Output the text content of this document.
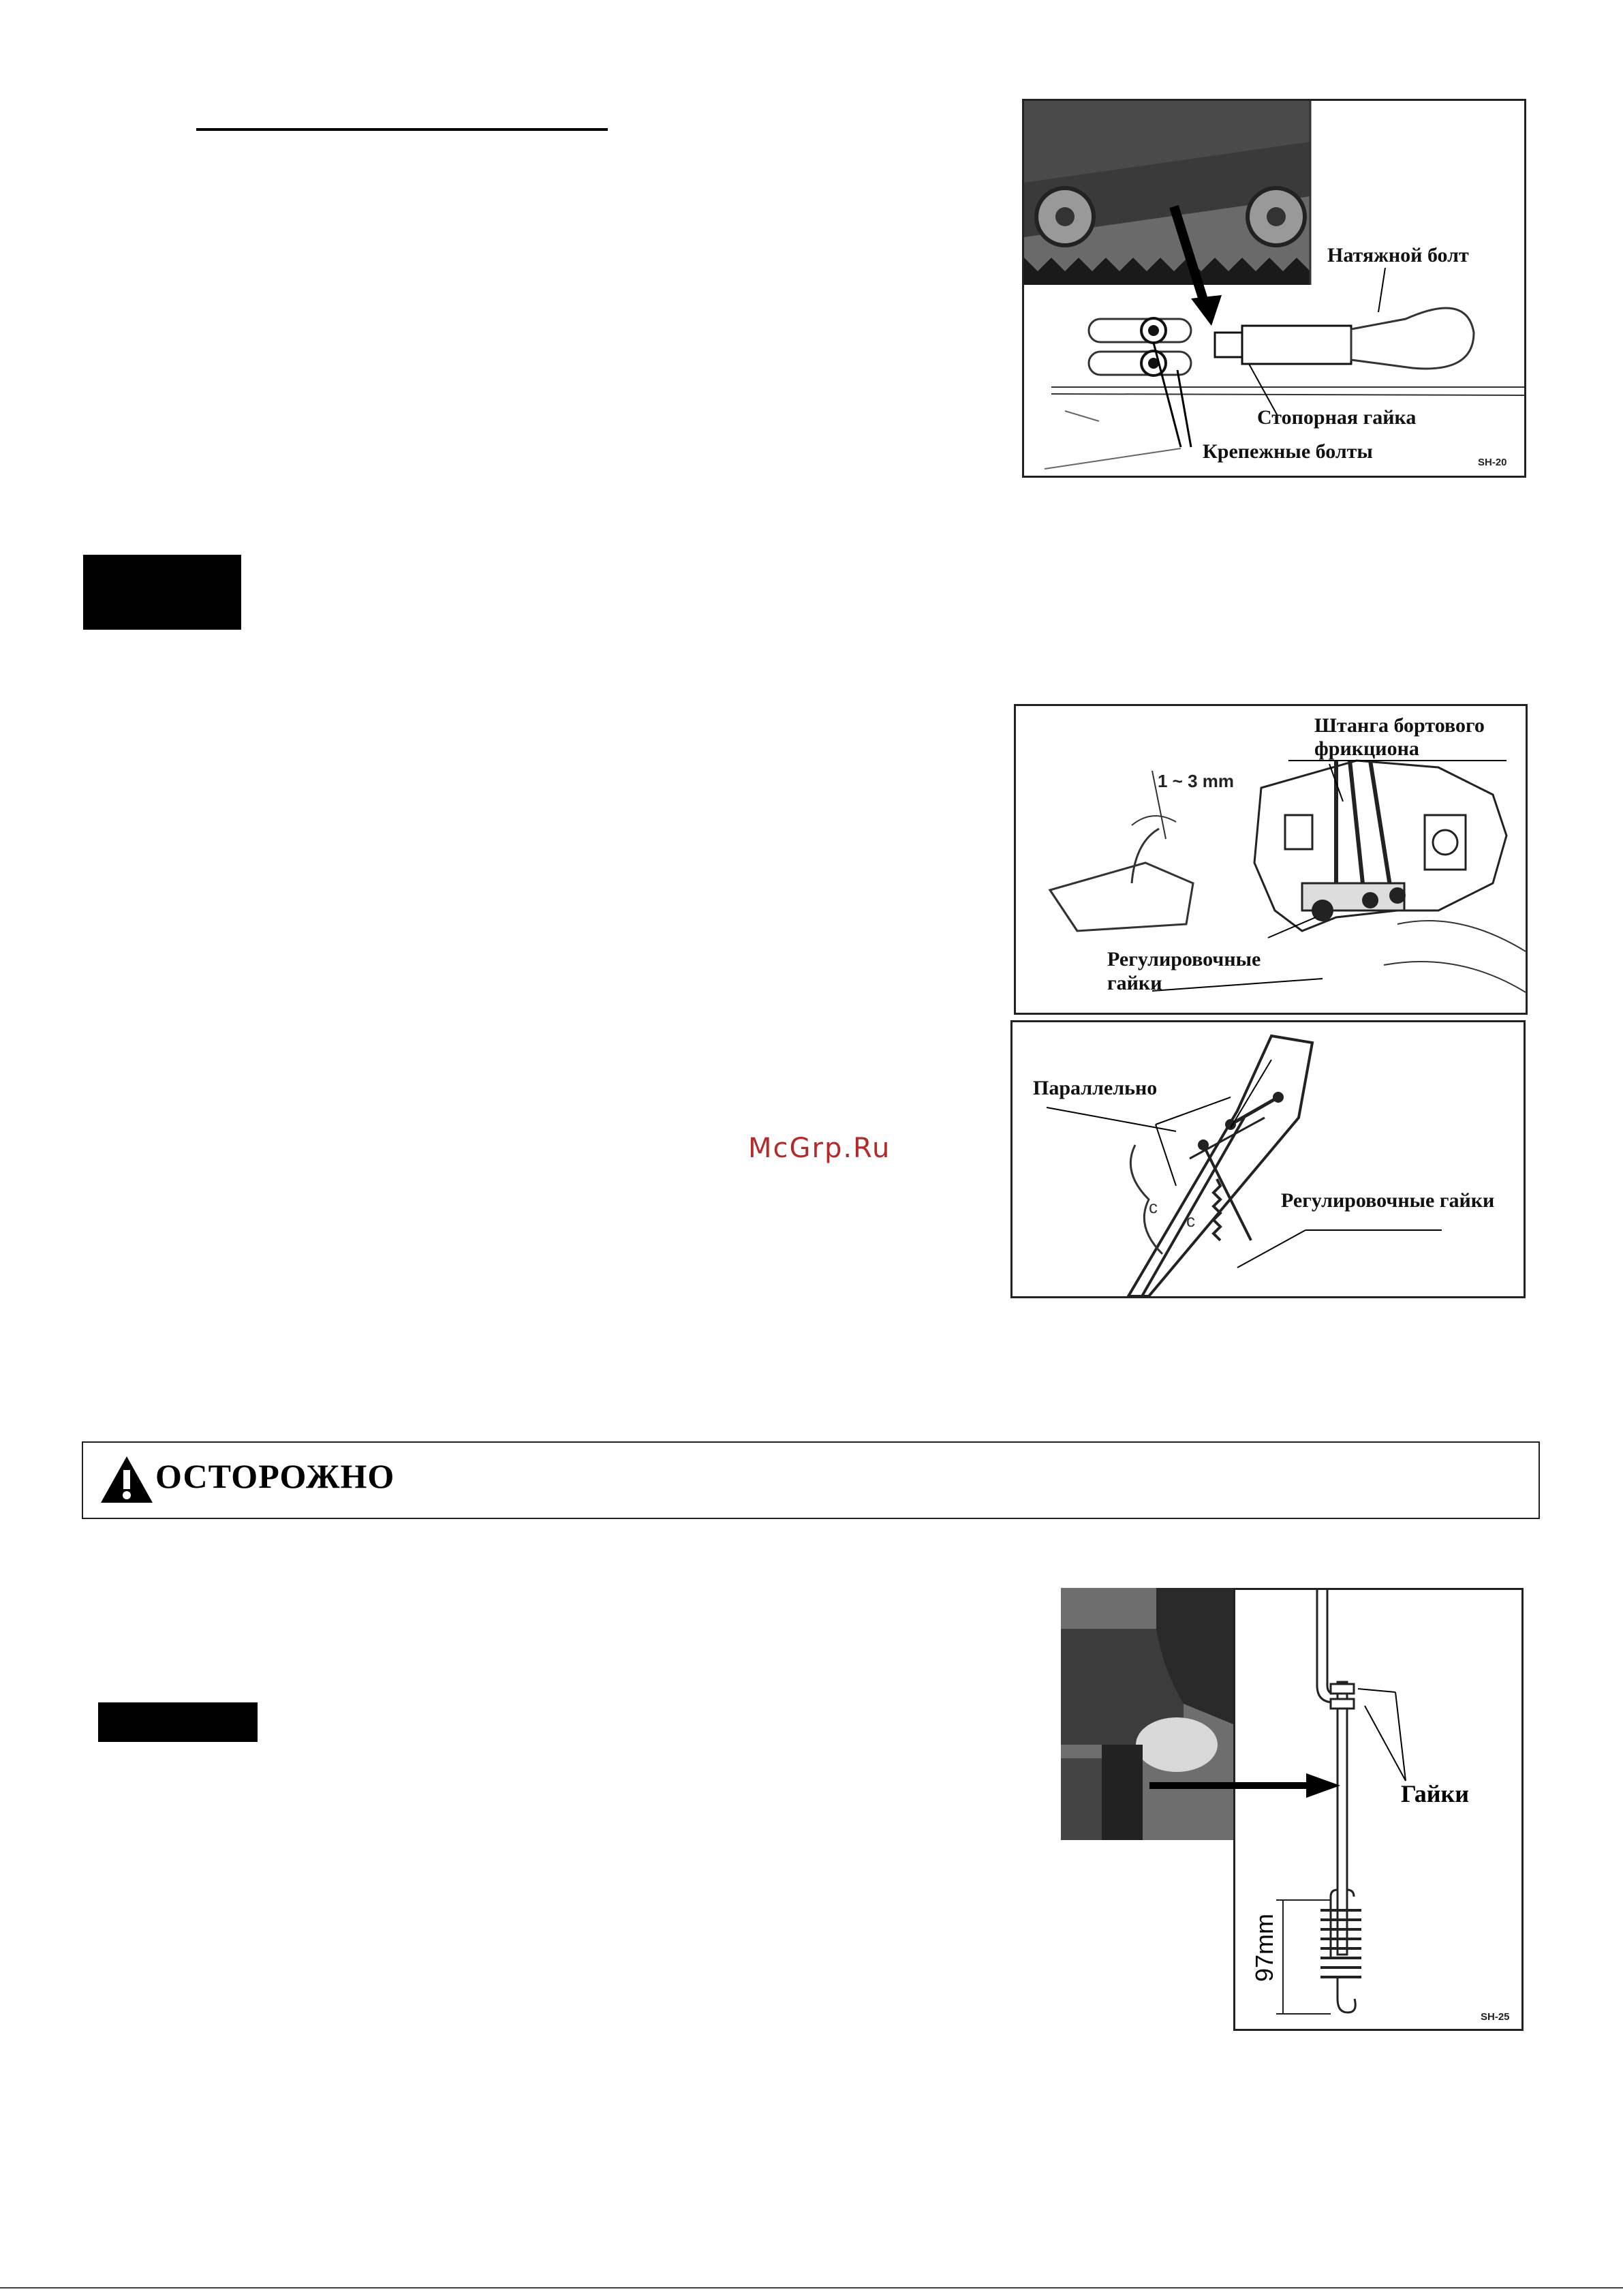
Натяжной болт
Стопорная гайка
Крепежные болты	SH-20
Штанга бортового
фрикциона
1 ~ 3 mm
Регулировочные
гайки
c
c
Параллельно
Регулировочные гайки
McGrp.Ru
ОСТОРОЖНО
Гайки
97mm
SH-25
